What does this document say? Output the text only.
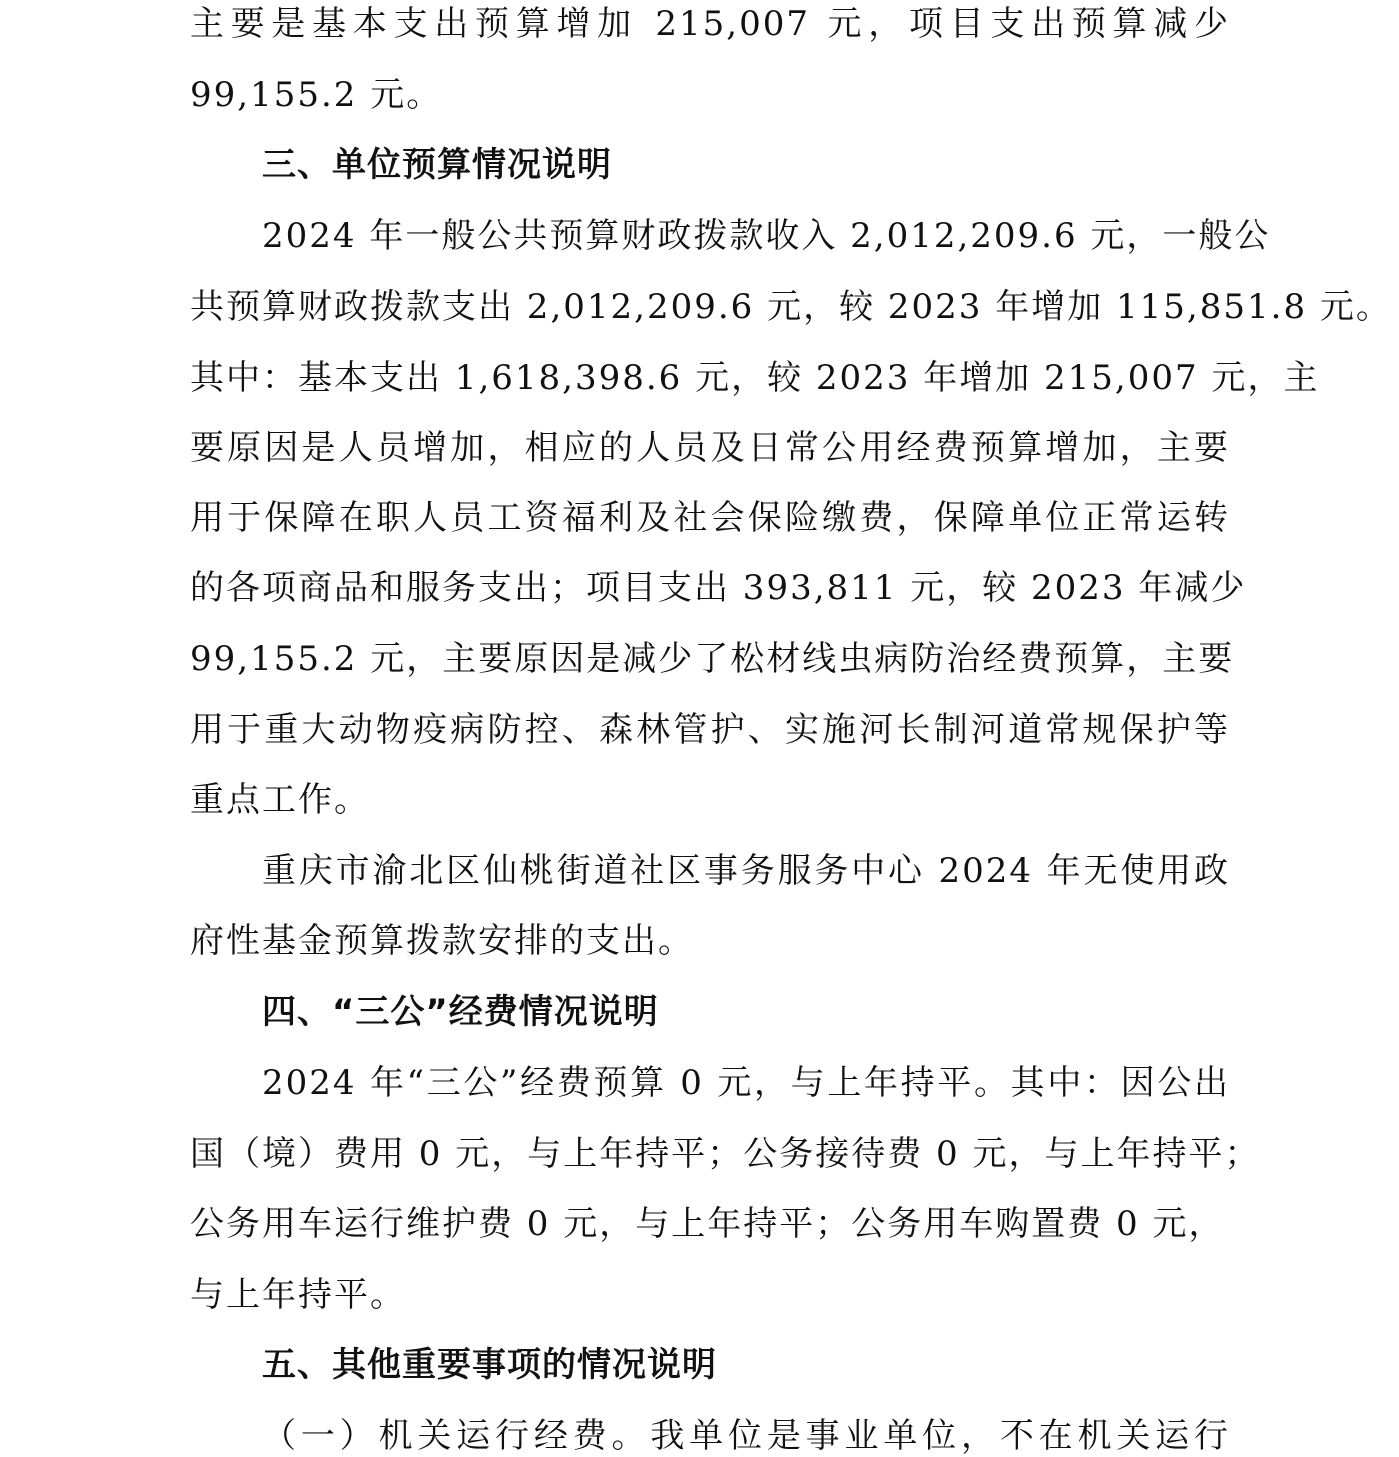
主要是基本支出预算增加 215,007 元，项目支出预算减少

99,155.2 元。

三、单位预算情况说明

2024 年一般公共预算财政拨款收入 2,012,209.6 元，一般公

共预算财政拨款支出 2,012,209.6 元，较 2023 年增加 115,851.8 元。

其中：基本支出 1,618,398.6 元，较 2023 年增加 215,007 元，主

要原因是人员增加，相应的人员及日常公用经费预算增加，主要

用于保障在职人员工资福利及社会保险缴费，保障单位正常运转

的各项商品和服务支出；项目支出 393,811 元，较 2023 年减少

99,155.2 元，主要原因是减少了松材线虫病防治经费预算，主要

用于重大动物疫病防控、森林管护、实施河长制河道常规保护等

重点工作。

重庆市渝北区仙桃街道社区事务服务中心 2024 年无使用政

府性基金预算拨款安排的支出。

四、“三公”经费情况说明

2024 年“三公”经费预算 0 元，与上年持平。其中：因公出

国（境）费用 0 元，与上年持平；公务接待费 0 元，与上年持平；

公务用车运行维护费 0 元，与上年持平；公务用车购置费 0 元，

与上年持平。

五、其他重要事项的情况说明

（一）机关运行经费。我单位是事业单位，不在机关运行
